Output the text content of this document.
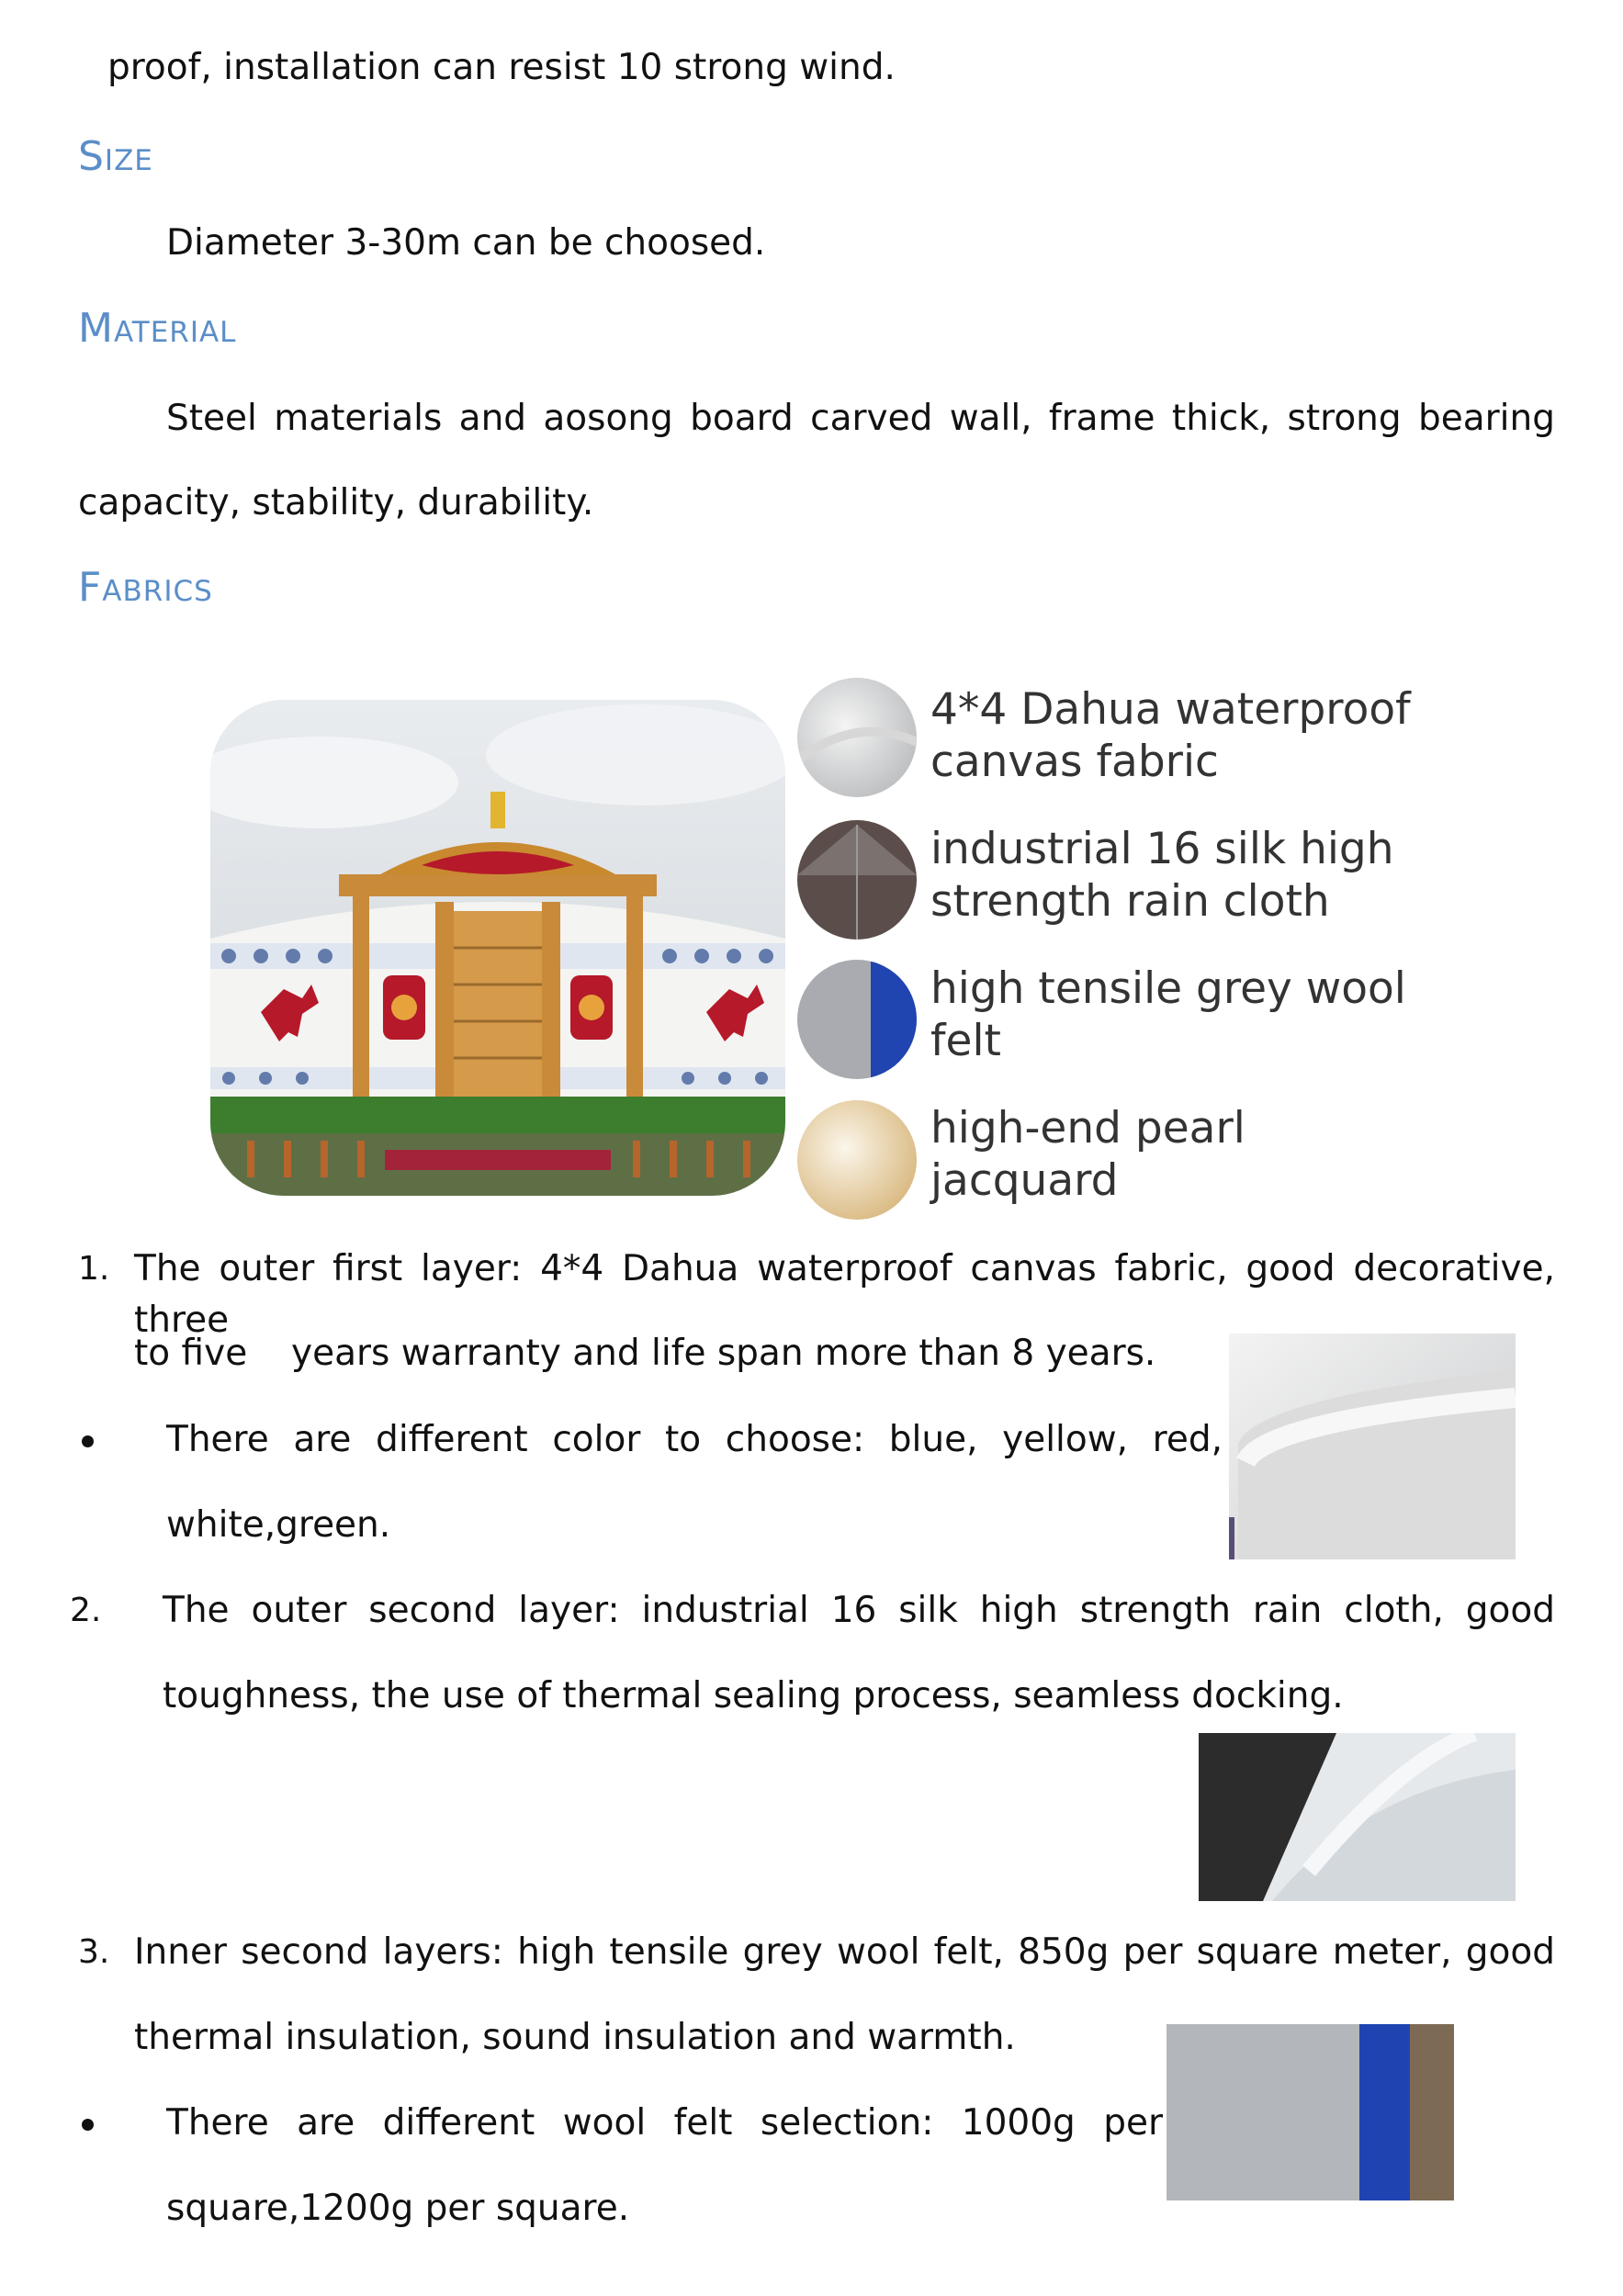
proof, installation can resist 10 strong wind.
Size
Diameter 3-30m can be choosed.
Material
Steel materials and aosong board carved wall, frame thick, strong bearing
capacity, stability, durability.
Fabrics
4*4 Dahua waterproof
canvas fabric
industrial 16 silk high
strength rain cloth
high tensile grey wool
felt
high-end pearl
jacquard
1. The outer first layer: 4*4 Dahua waterproof canvas fabric, good decorative, three
to five years warranty and life span more than 8 years.
There are different color to choose: blue, yellow, red,
white,green.
2. The outer second layer: industrial 16 silk high strength rain cloth, good
toughness, the use of thermal sealing process, seamless docking.
3. Inner second layers: high tensile grey wool felt, 850g per square meter, good
thermal insulation, sound insulation and warmth.
There are different wool felt selection: 1000g per
square,1200g per square.
